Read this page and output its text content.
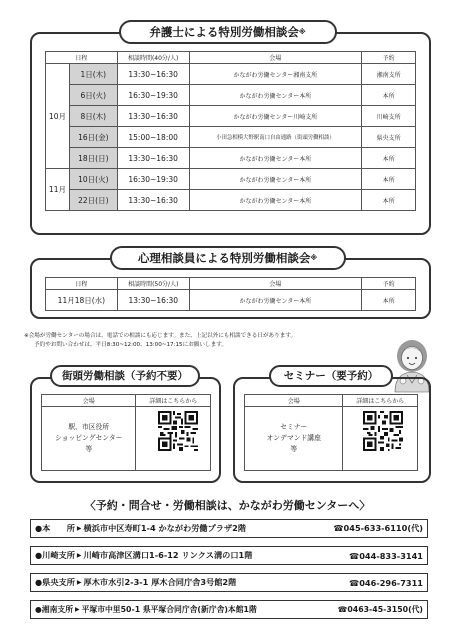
弁護士による特別労働相談会※
日程		相談時間(40分/人)	会場	予約
10月	1日(木)	13:30~16:30	かながわ労働センター湘南支所	湘南支所
	6日(火)	16:30~19:30	かながわ労働センター本所	本所
	8日(木)	13:30~16:30	かながわ労働センター川崎支所	川崎支所
	16日(金)	15:00~18:00	小田急相模大野駅南口自由通路（街頭労働相談）	県央支所
	18日(日)	13:30~16:30	かながわ労働センター本所	本所
11月	10日(火)	16:30~19:30	かながわ労働センター本所	本所
	22日(日)	13:30~16:30	かながわ労働センター本所	本所
心理相談員による特別労働相談会※
日程	相談時間(50分/人)	会場	予約
11月18日(水)	13:30~16:30	かながわ労働センター本所	本所
※会場が労働センターの場合は、電話での相談にも応じます。また、上記以外にも相談できる日があります。
予約やお問い合わせは、平日8:30~12:00、13:00~17:15にお願いします。
街頭労働相談（予約不要）
会場	詳細はこちらから

駅、市区役所
ショッピングセンター
等	

セミナー（要予約）
会場	詳細はこちらから

セミナー
オンデマンド講座
等	

〈予約・問合せ・労働相談は、かながわ労働センターへ〉
●本　　所 ▶ 横浜市中区寿町1-4 かながわ労働プラザ2階	☎045-633-6110(代)
●川崎支所 ▶ 川崎市高津区溝口1-6-12 リンクス溝の口1階	☎044-833-3141
●県央支所 ▶ 厚木市水引2-3-1 厚木合同庁舎3号館2階	☎046-296-7311
●湘南支所 ▶ 平塚市中里50-1 県平塚合同庁舎(新庁舎)本館1階	☎0463-45-3150(代)
